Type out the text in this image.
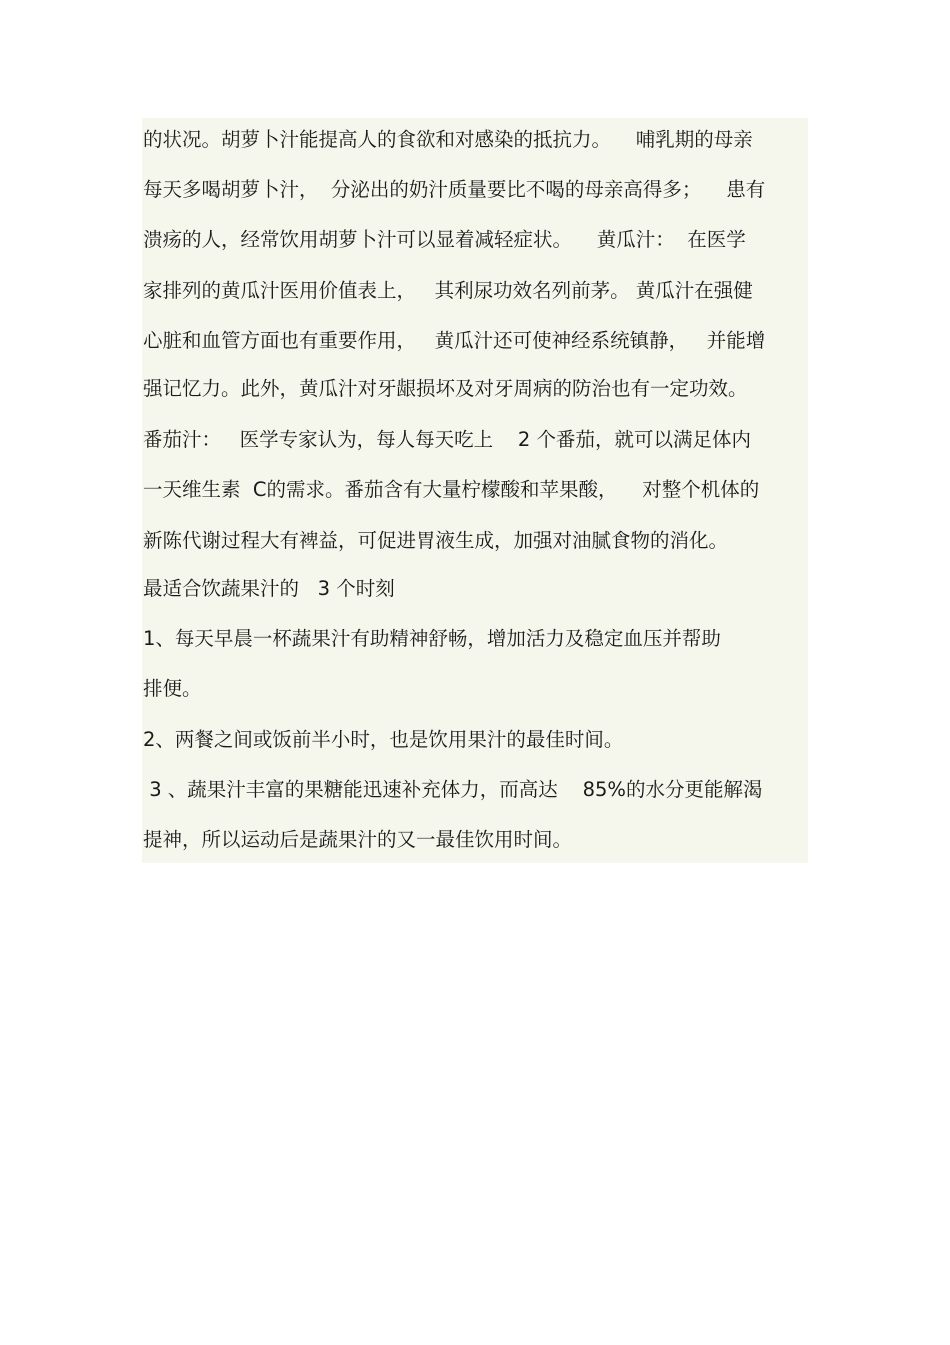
的状况。胡萝卜汁能提高人的食欲和对感染的抵抗力。    哺乳期的母亲
每天多喝胡萝卜汁，  分泌出的奶汁质量要比不喝的母亲高得多；    患有
溃疡的人，经常饮用胡萝卜汁可以显着减轻症状。    黄瓜汁：  在医学
家排列的黄瓜汁医用价值表上，   其利尿功效名列前茅。 黄瓜汁在强健
心脏和血管方面也有重要作用，   黄瓜汁还可使神经系统镇静，   并能增
强记忆力。此外，黄瓜汁对牙龈损坏及对牙周病的防治也有一定功效。
番茄汁：   医学专家认为，每人每天吃上    2 个番茄，就可以满足体内
一天维生素  C的需求。番茄含有大量柠檬酸和苹果酸，    对整个机体的
新陈代谢过程大有裨益，可促进胃液生成，加强对油腻食物的消化。
最适合饮蔬果汁的   3 个时刻
1、每天早晨一杯蔬果汁有助精神舒畅，增加活力及稳定血压并帮助
排便。
2、两餐之间或饭前半小时，也是饮用果汁的最佳时间。
3 、蔬果汁丰富的果糖能迅速补充体力，而高达    85%的水分更能解渴
提神，所以运动后是蔬果汁的又一最佳饮用时间。
